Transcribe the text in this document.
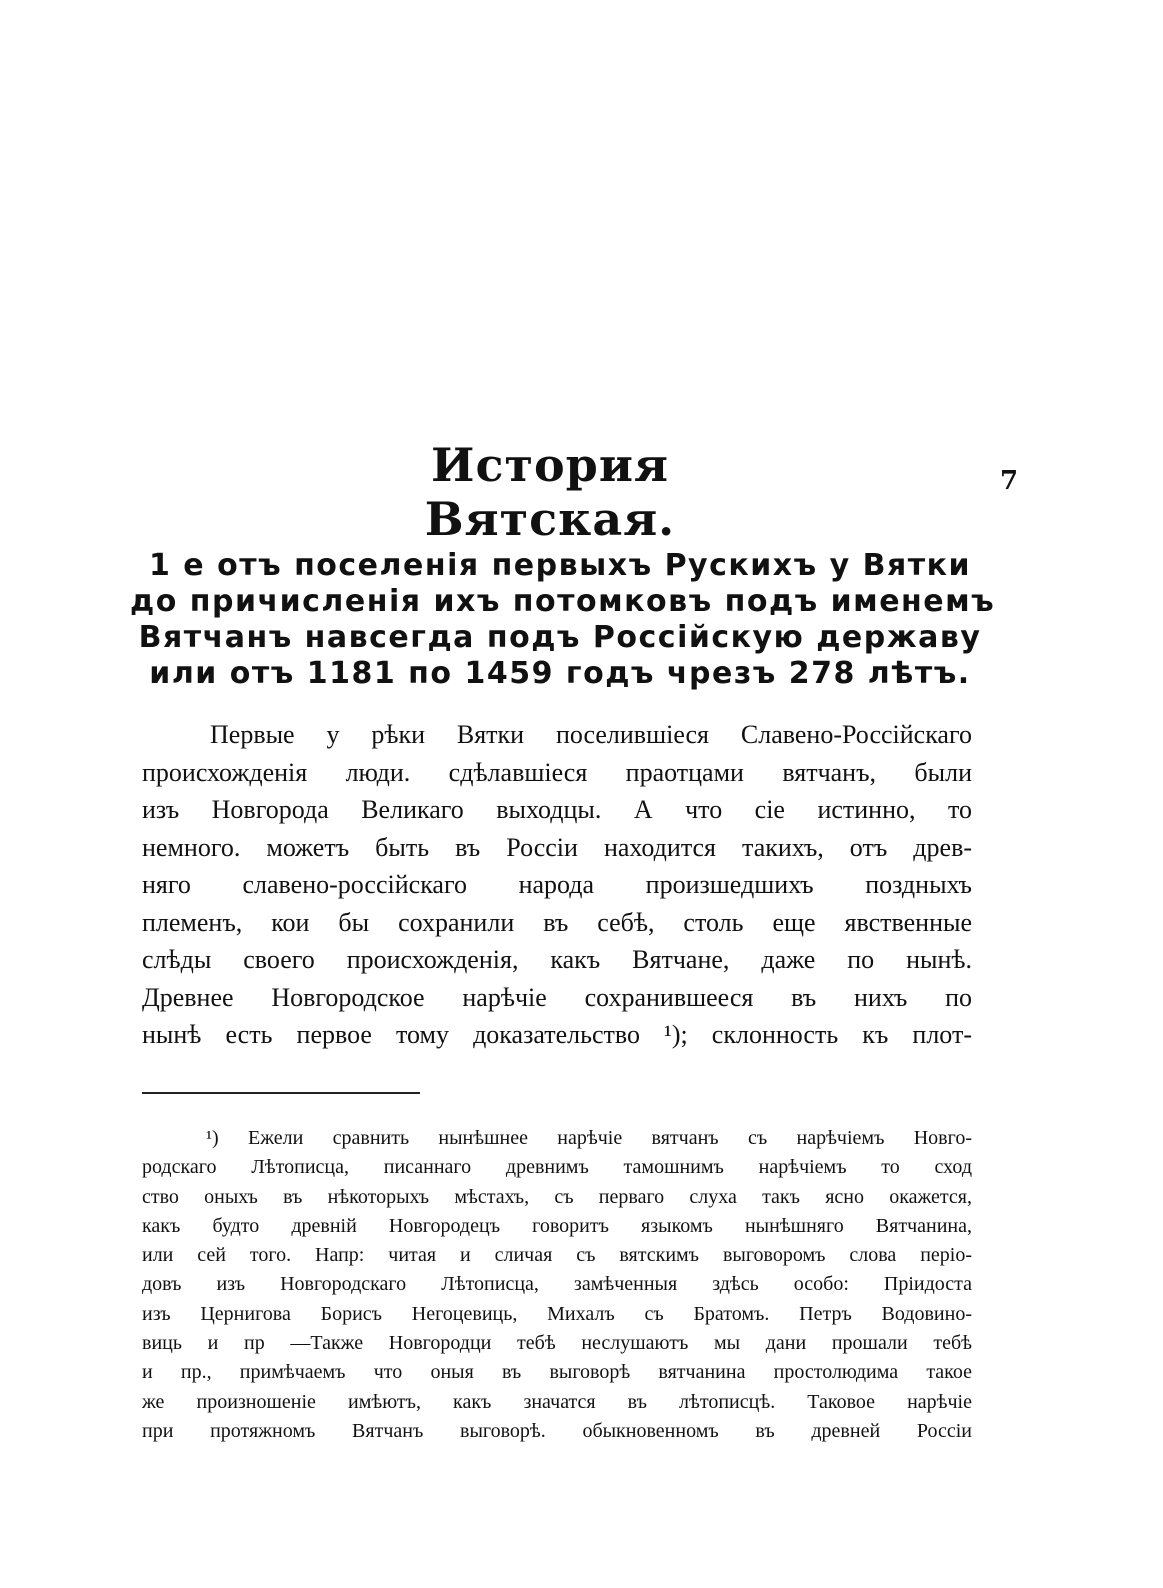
История Вятская.
7
1 е отъ поселенія первыхъ Рускихъ у Вятки
до причисленія ихъ потомковъ подъ именемъ
Вятчанъ навсегда подъ Россійскую державу
или отъ 1181 по 1459 годъ чрезъ 278 лѣтъ.
Первые у рѣки Вятки поселившіеся Славено-Россійскаго
происхожденія люди. сдѣлавшіеся праотцами вятчанъ, были
изъ Новгорода Великаго выходцы. А что сіе истинно, то
немного. можетъ быть въ Россіи находится такихъ, отъ древ-
няго славено-россійскаго народа произшедшихъ поздныхъ
племенъ, кои бы сохранили въ себѣ, столь еще явственные
слѣды своего происхожденія, какъ Вятчане, даже по нынѣ.
Древнее Новгородское нарѣчіе сохранившееся въ нихъ по
нынѣ есть первое тому доказательство ¹); склонность къ плот-
¹) Ежели сравнить нынѣшнее нарѣчіе вятчанъ съ нарѣчіемъ Новго-
родскаго Лѣтописца, писаннаго древнимъ тамошнимъ нарѣчіемъ то сход
ство оныхъ въ нѣкоторыхъ мѣстахъ, съ перваго слуха такъ ясно окажется,
какъ будто древній Новгородецъ говоритъ языкомъ нынѣшняго Вятчанина,
или сей того. Напр: читая и сличая съ вятскимъ выговоромъ слова періо-
довъ изъ Новгородскаго Лѣтописца, замѣченныя здѣсь особо: Пріидоста
изъ Цернигова Борисъ Негоцевиць, Михалъ съ Братомъ. Петръ Водовино-
виць и пр —Также Новгородци тебѣ неслушаютъ мы дани прошали тебѣ
и пр., примѣчаемъ что оныя въ выговорѣ вятчанина простолюдима такое
же произношеніе имѣютъ, какъ значатся въ лѣтописцѣ. Таковое нарѣчіе
при протяжномъ Вятчанъ выговорѣ. обыкновенномъ въ древней Россіи
